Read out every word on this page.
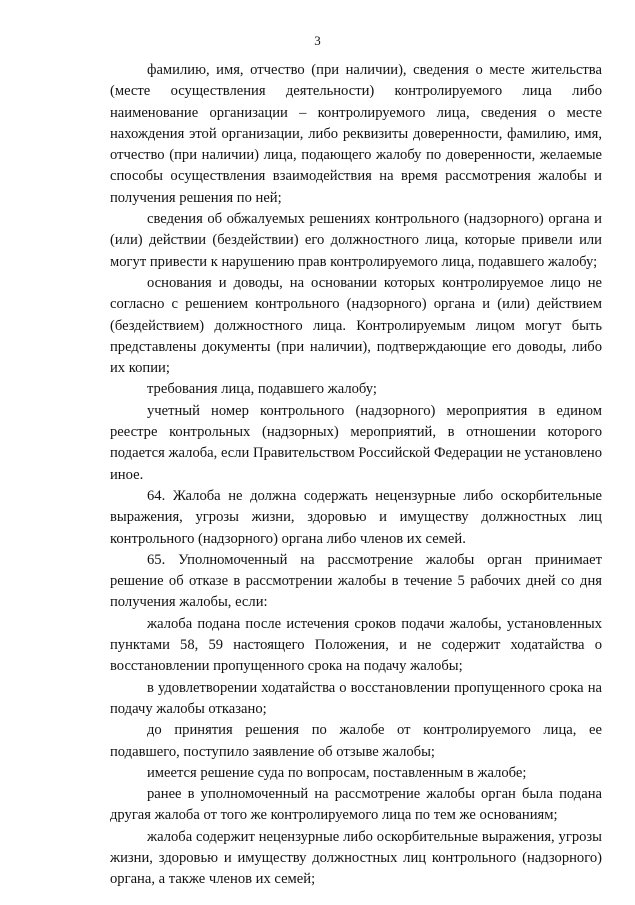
3

фамилию, имя, отчество (при наличии), сведения о месте жительства (месте осуществления деятельности) контролируемого лица либо наименование организации – контролируемого лица, сведения о месте нахождения этой организации, либо реквизиты доверенности, фамилию, имя, отчество (при наличии) лица, подающего жалобу по доверенности, желаемые способы осуществления взаимодействия на время рассмотрения жалобы и получения решения по ней;

сведения об обжалуемых решениях контрольного (надзорного) органа и (или) действии (бездействии) его должностного лица, которые привели или могут привести к нарушению прав контролируемого лица, подавшего жалобу;

основания и доводы, на основании которых контролируемое лицо не согласно с решением контрольного (надзорного) органа и (или) действием (бездействием) должностного лица. Контролируемым лицом могут быть представлены документы (при наличии), подтверждающие его доводы, либо их копии;

требования лица, подавшего жалобу;

учетный номер контрольного (надзорного) мероприятия в едином реестре контрольных (надзорных) мероприятий, в отношении которого подается жалоба, если Правительством Российской Федерации не установлено иное.

64. Жалоба не должна содержать нецензурные либо оскорбительные выражения, угрозы жизни, здоровью и имуществу должностных лиц контрольного (надзорного) органа либо членов их семей.

65. Уполномоченный на рассмотрение жалобы орган принимает решение об отказе в рассмотрении жалобы в течение 5 рабочих дней со дня получения жалобы, если:

жалоба подана после истечения сроков подачи жалобы, установленных пунктами 58, 59 настоящего Положения, и не содержит ходатайства о восстановлении пропущенного срока на подачу жалобы;

в удовлетворении ходатайства о восстановлении пропущенного срока на подачу жалобы отказано;

до принятия решения по жалобе от контролируемого лица, ее подавшего, поступило заявление об отзыве жалобы;

имеется решение суда по вопросам, поставленным в жалобе;

ранее в уполномоченный на рассмотрение жалобы орган была подана другая жалоба от того же контролируемого лица по тем же основаниям;

жалоба содержит нецензурные либо оскорбительные выражения, угрозы жизни, здоровью и имуществу должностных лиц контрольного (надзорного) органа, а также членов их семей;
